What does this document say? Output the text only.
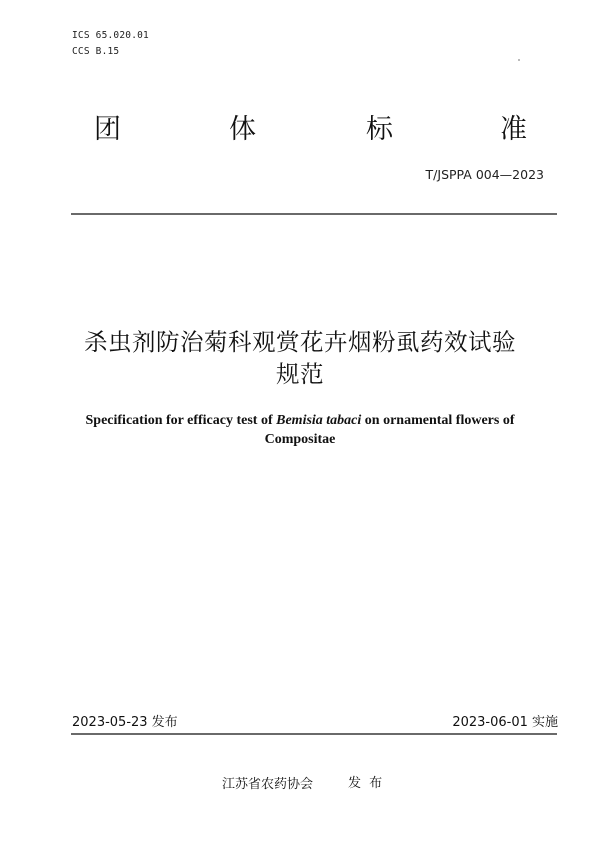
ICS 65.020.01
CCS B.15
团	体	标	准
T/JSPPA 004—2023
杀虫剂防治菊科观赏花卉烟粉虱药效试验
规范
Specification for efficacy test of Bemisia tabaci on ornamental flowers of
Compositae
2023-05-23 发布	2023-06-01 实施
江苏省农药协会	发 布
